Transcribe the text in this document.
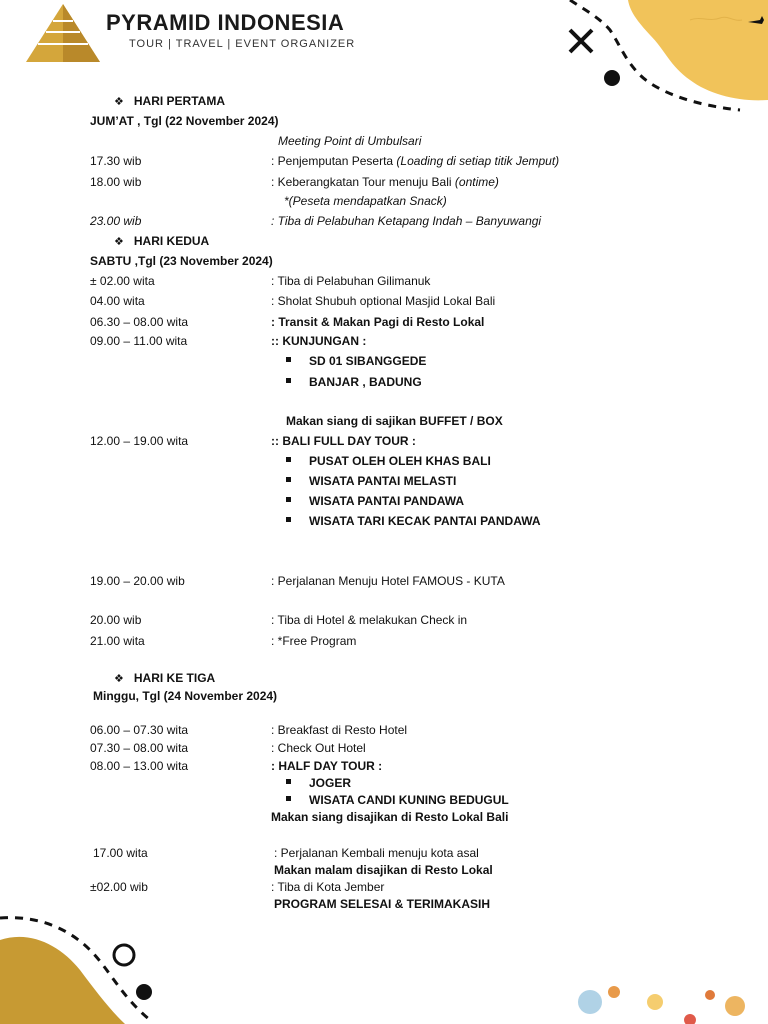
PYRAMID INDONESIA
TOUR | TRAVEL | EVENT ORGANIZER
❖ HARI PERTAMA
JUM’AT , Tgl (22 November 2024)
Meeting Point di Umbulsari
17.30 wib	: Penjemputan Peserta (Loading di setiap titik Jemput)
18.00 wib	: Keberangkatan Tour menuju Bali (ontime)
*(Peseta mendapatkan Snack)
23.00 wib	: Tiba di Pelabuhan Ketapang Indah – Banyuwangi
❖ HARI KEDUA
SABTU ,Tgl (23 November 2024)
± 02.00 wita	: Tiba di Pelabuhan Gilimanuk
04.00 wita	: Sholat Shubuh optional Masjid Lokal Bali
06.30 – 08.00 wita	: Transit & Makan Pagi di Resto Lokal
09.00 – 11.00 wita	:: KUNJUNGAN :
SD 01 SIBANGGEDE
BANJAR , BADUNG
Makan siang di sajikan BUFFET / BOX
12.00 – 19.00 wita	:: BALI FULL DAY TOUR :
PUSAT OLEH OLEH KHAS BALI
WISATA PANTAI MELASTI
WISATA PANTAI PANDAWA
WISATA TARI KECAK PANTAI PANDAWA
19.00 – 20.00 wib	: Perjalanan Menuju Hotel FAMOUS - KUTA
20.00 wib	: Tiba di Hotel & melakukan Check in
21.00 wita	: *Free Program
❖ HARI KE TIGA
Minggu, Tgl (24 November 2024)
06.00 – 07.30 wita	: Breakfast di Resto Hotel
07.30 – 08.00 wita	: Check Out Hotel
08.00 – 13.00 wita	: HALF DAY TOUR :
JOGER
WISATA CANDI KUNING BEDUGUL
Makan siang disajikan di Resto Lokal Bali
17.00 wita	: Perjalanan Kembali menuju kota asal
Makan malam disajikan di Resto Lokal
±02.00 wib	: Tiba di Kota Jember
PROGRAM SELESAI & TERIMAKASIH
